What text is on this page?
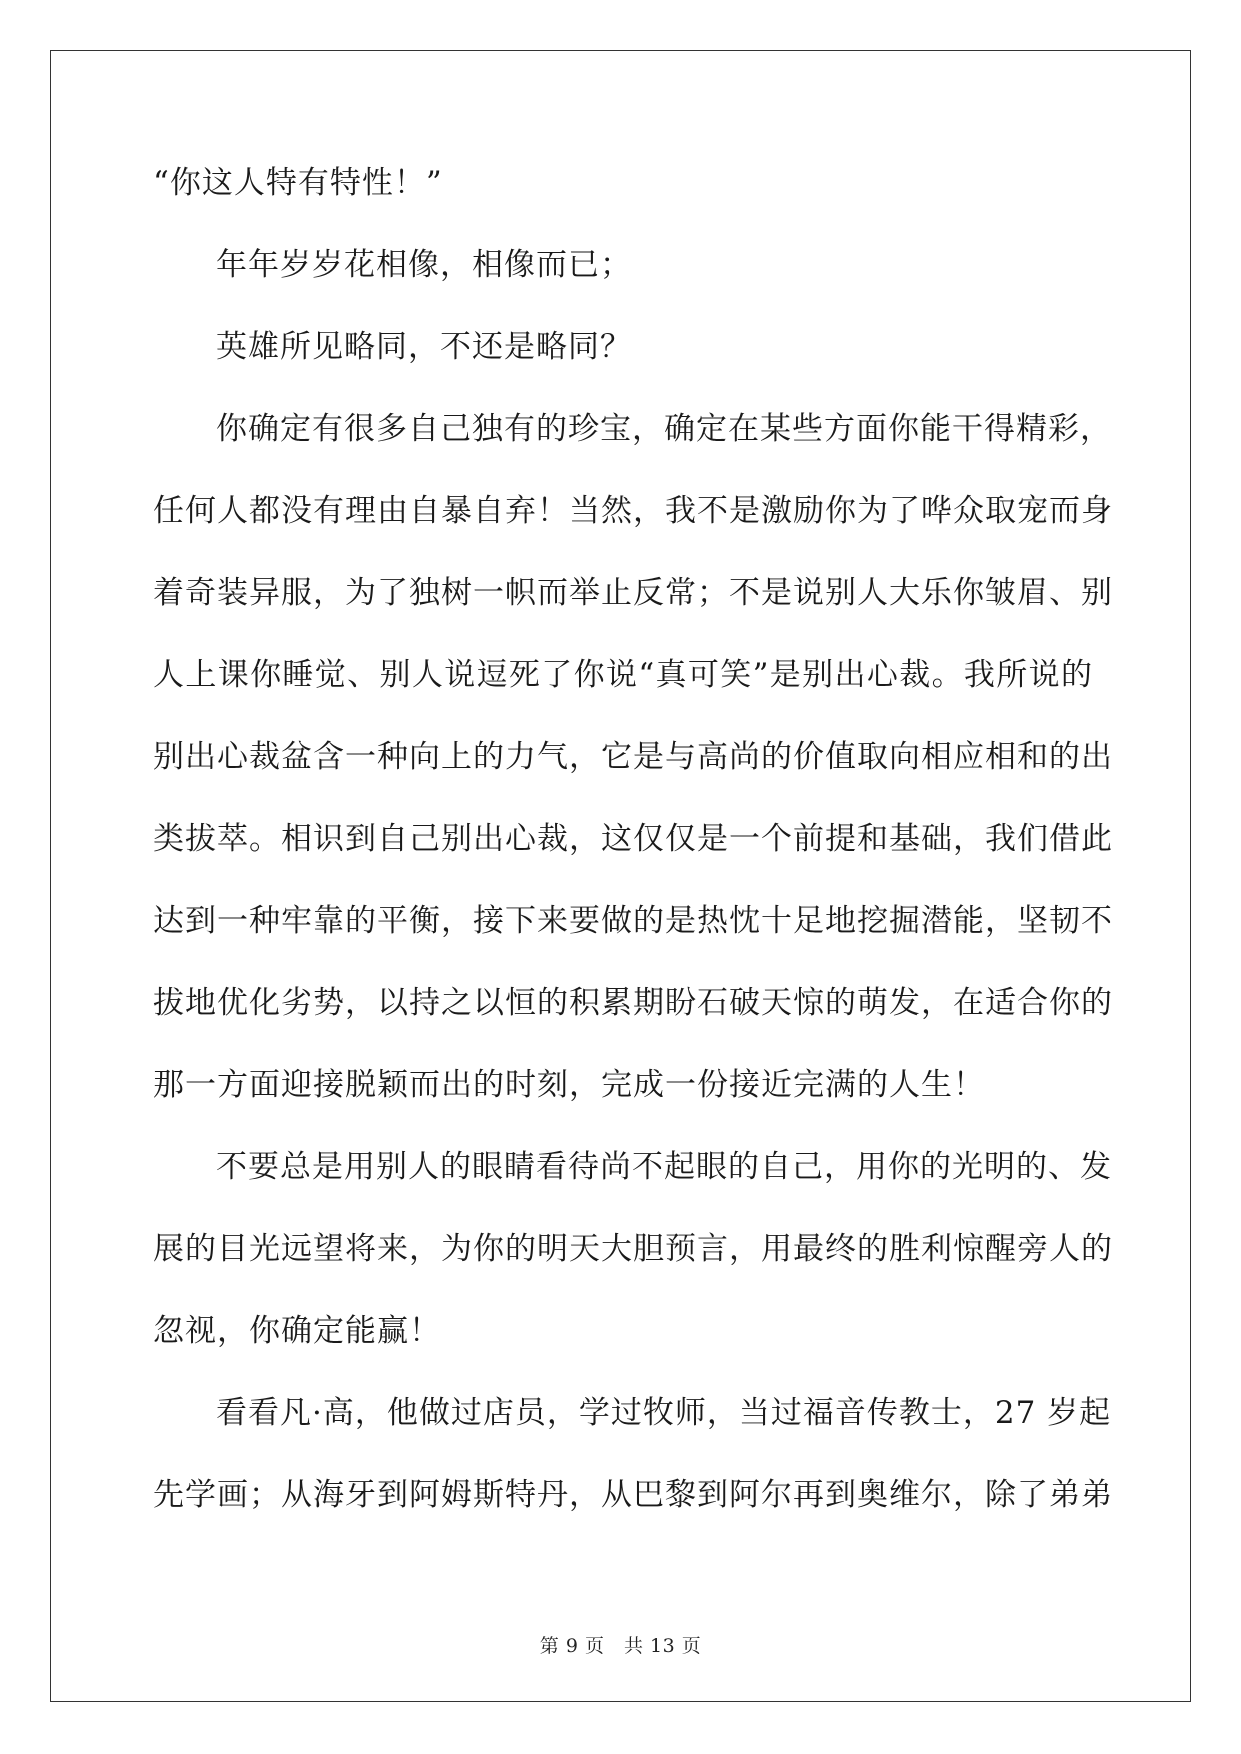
“你这人特有特性！”
年年岁岁花相像，相像而已；
英雄所见略同，不还是略同？
你确定有很多自己独有的珍宝，确定在某些方面你能干得精彩，
任何人都没有理由自暴自弃！当然，我不是激励你为了哗众取宠而身
着奇装异服，为了独树一帜而举止反常；不是说别人大乐你皱眉、别
人上课你睡觉、别人说逗死了你说“真可笑”是别出心裁。我所说的
别出心裁盆含一种向上的力气，它是与高尚的价值取向相应相和的出
类拔萃。相识到自己别出心裁，这仅仅是一个前提和基础，我们借此
达到一种牢靠的平衡，接下来要做的是热忱十足地挖掘潜能，坚韧不
拔地优化劣势，以持之以恒的积累期盼石破天惊的萌发，在适合你的
那一方面迎接脱颖而出的时刻，完成一份接近完满的人生！
不要总是用别人的眼睛看待尚不起眼的自己，用你的光明的、发
展的目光远望将来，为你的明天大胆预言，用最终的胜利惊醒旁人的
忽视，你确定能赢！
看看凡·高，他做过店员，学过牧师，当过福音传教士，27 岁起
先学画；从海牙到阿姆斯特丹，从巴黎到阿尔再到奥维尔，除了弟弟
第 9 页　共 13 页
